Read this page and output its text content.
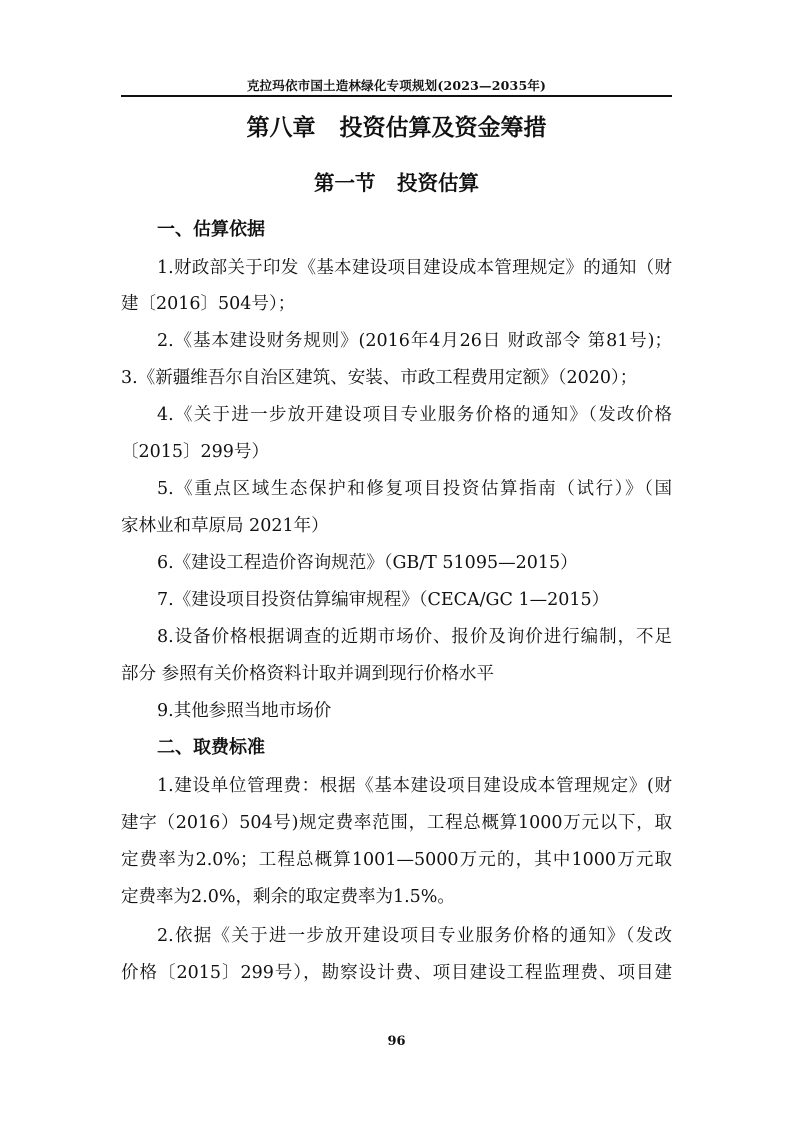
克拉玛依市国土造林绿化专项规划(2023—2035年)
第八章   投资估算及资金筹措
第一节   投资估算
一、估算依据
1.财政部关于印发《基本建设项目建设成本管理规定》的通知（财
建〔2016〕504号）；
2.《基本建设财务规则》(2016年4月26日 财政部令 第81号)；
3.《新疆维吾尔自治区建筑、安装、市政工程费用定额》（2020）；
4.《关于进一步放开建设项目专业服务价格的通知》（发改价格
〔2015〕299号）
5.《重点区域生态保护和修复项目投资估算指南（试行）》（国
家林业和草原局 2021年）
6.《建设工程造价咨询规范》（GB/T 51095—2015）
7.《建设项目投资估算编审规程》（CECA/GC 1—2015）
8.设备价格根据调查的近期市场价、报价及询价进行编制，不足
部分 参照有关价格资料计取并调到现行价格水平
9.其他参照当地市场价
二、取费标准
1.建设单位管理费：根据《基本建设项目建设成本管理规定》(财
建字（2016）504号)规定费率范围，工程总概算1000万元以下，取
定费率为2.0%；工程总概算1001—5000万元的，其中1000万元取
定费率为2.0%，剩余的取定费率为1.5%。
2.依据《关于进一步放开建设项目专业服务价格的通知》（发改
价格〔2015〕299号），勘察设计费、项目建设工程监理费、项目建
96
